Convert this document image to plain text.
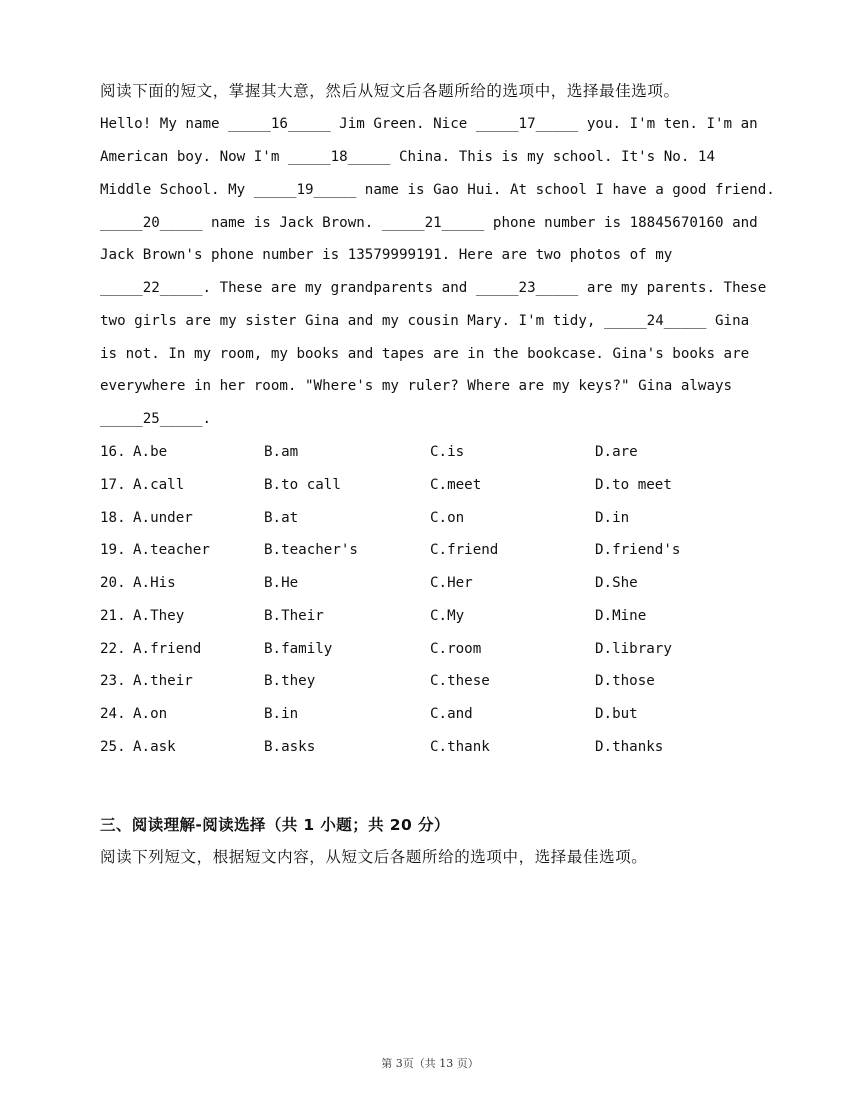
阅读下面的短文，掌握其大意，然后从短文后各题所给的选项中，选择最佳选项。
Hello! My name _____16_____ Jim Green. Nice _____17_____ you. I'm ten. I'm an
American boy. Now I'm _____18_____ China. This is my school. It's No. 14
Middle School. My _____19_____ name is Gao Hui. At school I have a good friend.
_____20_____ name is Jack Brown. _____21_____ phone number is 18845670160 and
Jack Brown's phone number is 13579999191. Here are two photos of my
_____22_____. These are my grandparents and _____23_____ are my parents. These
two girls are my sister Gina and my cousin Mary. I'm tidy, _____24_____ Gina
is not. In my room, my books and tapes are in the bookcase. Gina's books are
everywhere in her room. "Where's my ruler? Where are my keys?" Gina always
_____25_____.

16.

A.be

	B.am

	C.is

	D.are

17.

A.call

	B.to call

	C.meet

	D.to meet

18.

A.under

	B.at

	C.on

	D.in

19.

A.teacher

	B.teacher's

	C.friend

	D.friend's

20.

A.His

	B.He

	C.Her

	D.She

21.

A.They

	B.Their

	C.My

	D.Mine

22.

A.friend

	B.family

	C.room

	D.library

23.

A.their

	B.they

	C.these

	D.those

24.

A.on

	B.in

	C.and

	D.but

25.

A.ask

	B.asks

	C.thank

	D.thanks

三、阅读理解-阅读选择（共 1 小题；共 20 分）
阅读下列短文，根据短文内容，从短文后各题所给的选项中，选择最佳选项。
第 3页（共 13 页）
